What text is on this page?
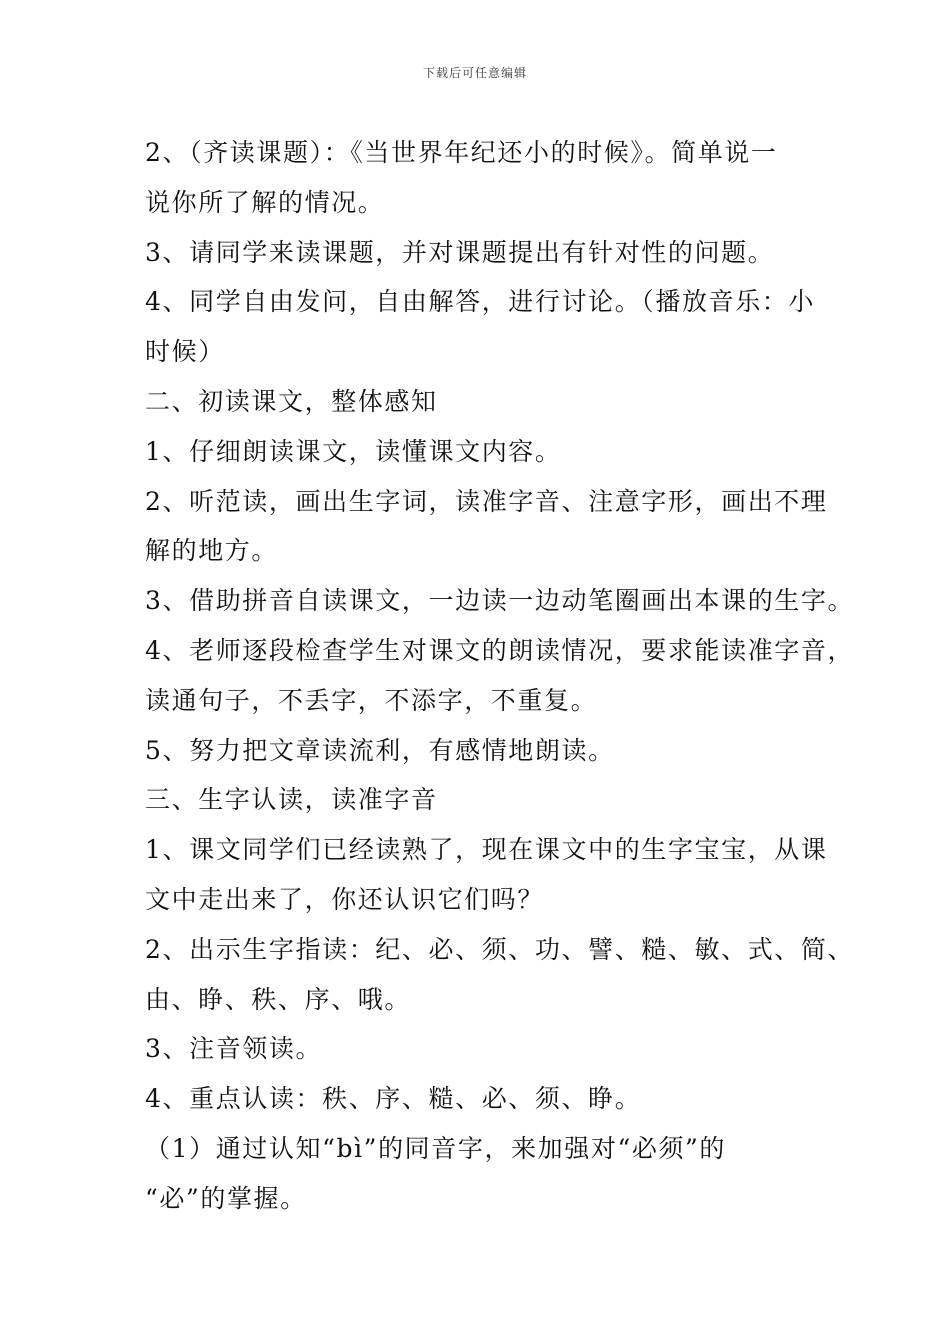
下载后可任意编辑
2、（齐读课题）：《当世界年纪还小的时候》。简单说一
说你所了解的情况。
3、请同学来读课题，并对课题提出有针对性的问题。
4、同学自由发问，自由解答，进行讨论。（播放音乐：小
时候）
二、初读课文，整体感知
1、仔细朗读课文，读懂课文内容。
2、听范读，画出生字词，读准字音、注意字形，画出不理
解的地方。
3、借助拼音自读课文，一边读一边动笔圈画出本课的生字。
4、老师逐段检查学生对课文的朗读情况，要求能读准字音，
读通句子，不丢字，不添字，不重复。
5、努力把文章读流利，有感情地朗读。
三、生字认读，读准字音
1、课文同学们已经读熟了，现在课文中的生字宝宝，从课
文中走出来了，你还认识它们吗？
2、出示生字指读：纪、必、须、功、譬、糙、敏、式、简、
由、睁、秩、序、哦。
3、注音领读。
4、重点认读：秩、序、糙、必、须、睁。
（1）通过认知“bì”的同音字，来加强对“必须”的
“必”的掌握。
